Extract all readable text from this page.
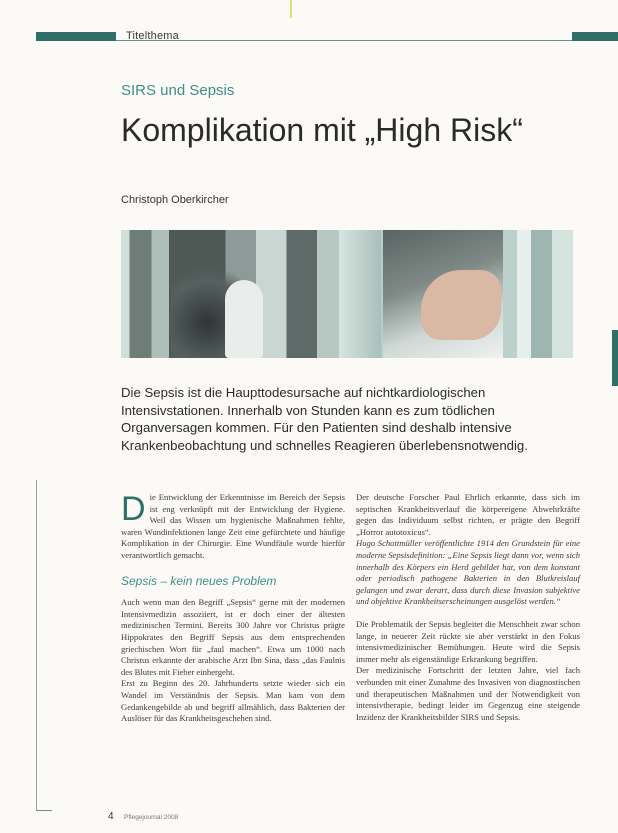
Titelthema
SIRS und Sepsis
Komplikation mit „High Risk“
Christoph Oberkircher
Die Sepsis ist die Haupttodesursache auf nichtkardiologischen Intensivstationen. Innerhalb von Stunden kann es zum tödlichen Organversagen kommen. Für den Patienten sind deshalb intensive Krankenbeobachtung und schnelles Reagieren überlebensnotwendig.

Die Entwicklung der Erkenntnisse im Bereich der Sepsis ist eng verknüpft mit der Entwicklung der Hygiene. Weil das Wissen um hygienische Maßnahmen fehlte, waren Wundinfektionen lange Zeit eine gefürchtete und häufige Komplikation in der Chirurgie. Eine Wundfäule wurde hierfür verantwortlich gemacht.

Sepsis – kein neues Problem

Auch wenn man den Begriff „Sepsis“ gerne mit der modernen Intensivmedizin assoziiert, ist er doch einer der ältesten medizinischen Termini. Bereits 300 Jahre vor Christus prägte Hippokrates den Begriff Sepsis aus dem entsprechenden griechischen Wort für „faul machen“. Etwa um 1000 nach Christus erkannte der arabische Arzt Ibn Sina, dass „das Faulnis des Blutes mit Fieber einhergeht.

Erst zu Beginn des 20. Jahrhunderts setzte wieder sich ein Wandel im Verständnis der Sepsis. Man kam von dem Gedankengebilde ab und begriff allmählich, dass Bakterien der Auslöser für das Krankheitsgeschehen sind.

Der deutsche Forscher Paul Ehrlich erkannte, dass sich im septischen Krankheitsverlauf die körpereigene Abwehrkräfte gegen das Individuum selbst richten, er prägte den Begriff „Horror autotoxicus“.

Hugo Schottmüller veröffentlichte 1914 den Grundstein für eine moderne Sepsisdefinition: „Eine Sepsis liegt dann vor, wenn sich innerhalb des Körpers ein Herd gebildet hat, von dem konstant oder periodisch pathogene Bakterien in den Blutkreislauf gelangen und zwar derart, dass durch diese Invasion subjektive und objektive Krankheitserscheinungen ausgelöst werden.“

Die Problematik der Sepsis begleitet die Menschheit zwar schon lange, in neuerer Zeit rückte sie aber verstärkt in den Fokus intensivmedizinischer Bemühungen. Heute wird die Sepsis immer mehr als eigenständige Erkrankung begriffen.

Der medizinische Fortschritt der letzten Jahre, viel fach verbunden mit einer Zunahme des Invasiven von diagnostischen und therapeutischen Maßnahmen und der Notwendigkeit von intensivtherapie, bedingt leider im Gegenzug eine steigende Inzidenz der Krankheitsbilder SIRS und Sepsis.

4 Pflegejournal 2008
